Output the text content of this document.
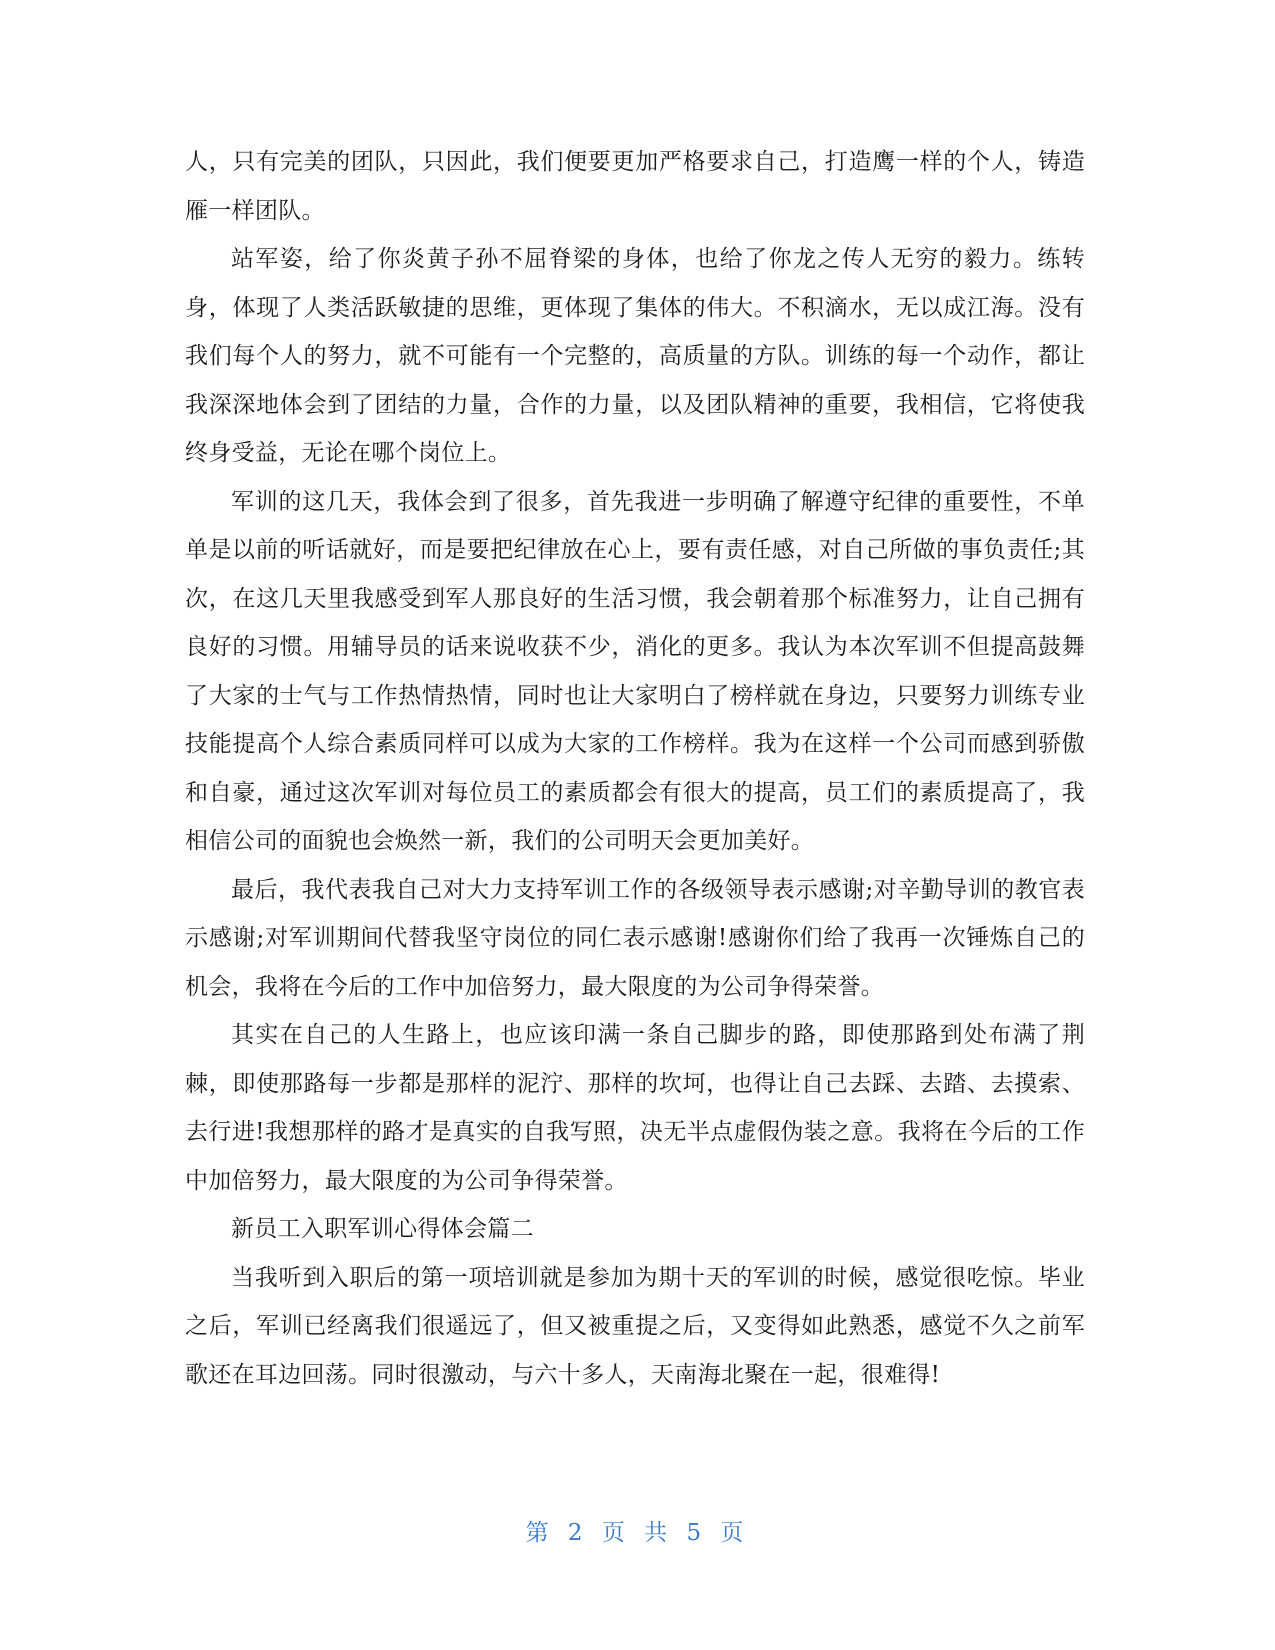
人，只有完美的团队，只因此，我们便要更加严格要求自己，打造鹰一样的个人，铸造雁一样团队。

站军姿，给了你炎黄子孙不屈脊梁的身体，也给了你龙之传人无穷的毅力。练转身，体现了人类活跃敏捷的思维，更体现了集体的伟大。不积滴水，无以成江海。没有我们每个人的努力，就不可能有一个完整的，高质量的方队。训练的每一个动作，都让我深深地体会到了团结的力量，合作的力量，以及团队精神的重要，我相信，它将使我终身受益，无论在哪个岗位上。

军训的这几天，我体会到了很多，首先我进一步明确了解遵守纪律的重要性，不单单是以前的听话就好，而是要把纪律放在心上，要有责任感，对自己所做的事负责任;其次，在这几天里我感受到军人那良好的生活习惯，我会朝着那个标准努力，让自己拥有良好的习惯。用辅导员的话来说收获不少，消化的更多。我认为本次军训不但提高鼓舞了大家的士气与工作热情热情，同时也让大家明白了榜样就在身边，只要努力训练专业技能提高个人综合素质同样可以成为大家的工作榜样。我为在这样一个公司而感到骄傲和自豪，通过这次军训对每位员工的素质都会有很大的提高，员工们的素质提高了，我相信公司的面貌也会焕然一新，我们的公司明天会更加美好。

最后，我代表我自己对大力支持军训工作的各级领导表示感谢;对辛勤导训的教官表示感谢;对军训期间代替我坚守岗位的同仁表示感谢!感谢你们给了我再一次锤炼自己的机会，我将在今后的工作中加倍努力，最大限度的为公司争得荣誉。

其实在自己的人生路上，也应该印满一条自己脚步的路，即使那路到处布满了荆棘，即使那路每一步都是那样的泥泞、那样的坎坷，也得让自己去踩、去踏、去摸索、去行进!我想那样的路才是真实的自我写照，决无半点虚假伪装之意。我将在今后的工作中加倍努力，最大限度的为公司争得荣誉。

新员工入职军训心得体会篇二

当我听到入职后的第一项培训就是参加为期十天的军训的时候，感觉很吃惊。毕业之后，军训已经离我们很遥远了，但又被重提之后，又变得如此熟悉，感觉不久之前军歌还在耳边回荡。同时很激动，与六十多人，天南海北聚在一起，很难得!

第 2 页 共 5 页
